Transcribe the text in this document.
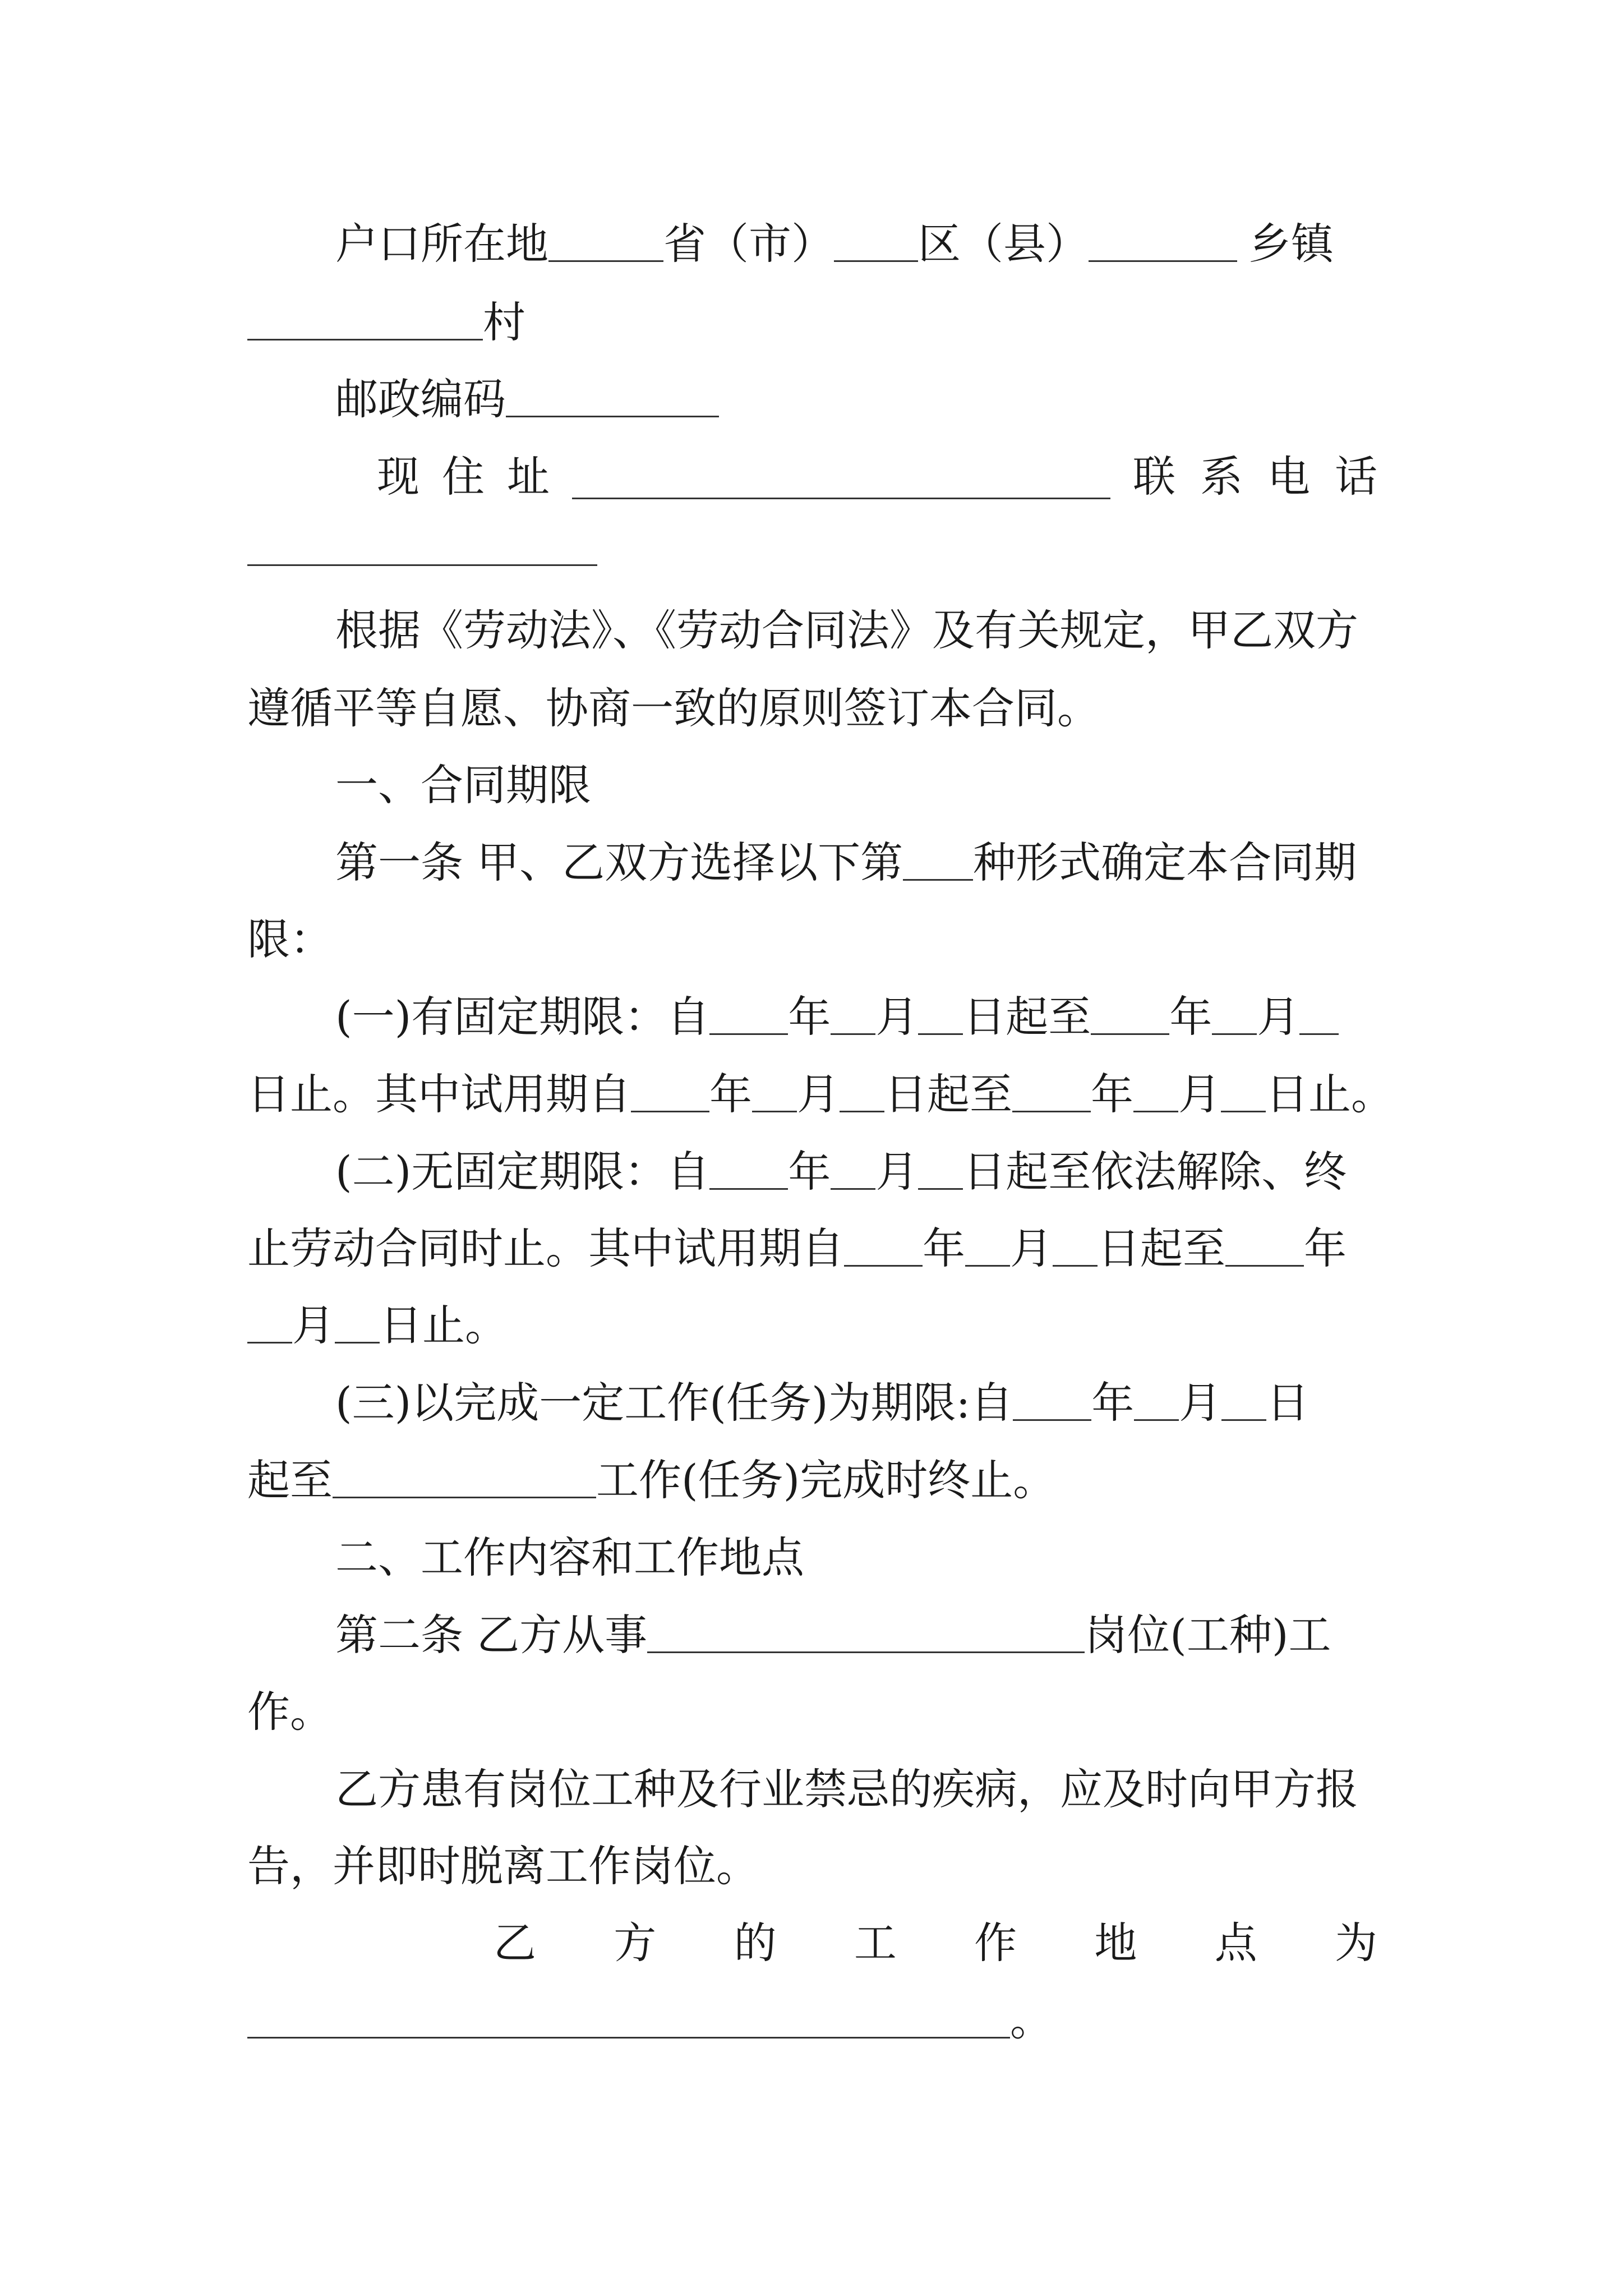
户口所在地	省（市） 区（县）	乡镇
村
邮政编码
现 住 址	联 系 电 话
根据《劳动法》、《劳动合同法》及有关规定，甲乙双方
遵循平等自愿、协商一致的原则签订本合同。
一、合同期限
第一条 甲、乙双方选择以下第 种形式确定本合同期
限：
(一)有固定期限：自 年 月 日起至 年 月
日止。其中试用期自 年 月 日起至 年 月 日止。
(二)无固定期限：自 年 月 日起至依法解除、终
止劳动合同时止。其中试用期自 年 月 日起至 年
月 日止。
(三)以完成一定工作(任务)为期限:自 年 月 日
起至	工作(任务)完成时终止。
二、工作内容和工作地点
第二条 乙方从事	岗位(工种)工
作。
乙方患有岗位工种及行业禁忌的疾病，应及时向甲方报
告，并即时脱离工作岗位。
乙 方 的 工 作 地 点 为
。
